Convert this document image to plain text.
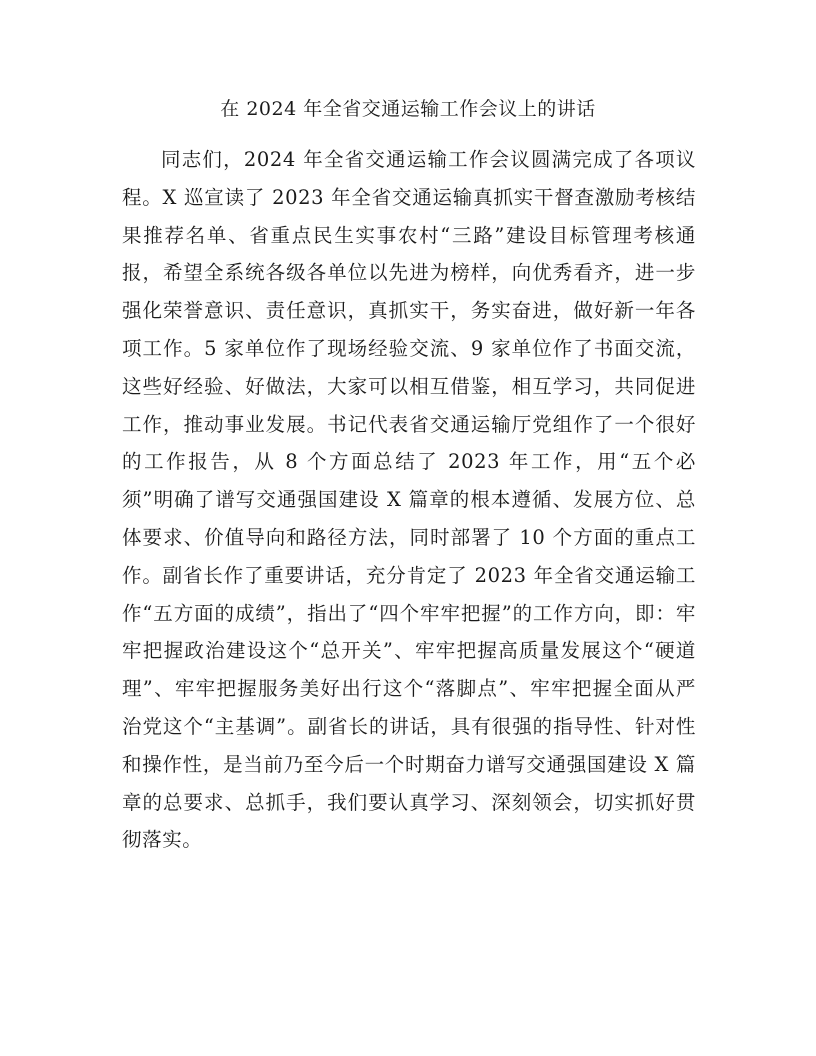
在 2024 年全省交通运输工作会议上的讲话

同志们，2024 年全省交通运输工作会议圆满完成了各项议程。X 巡宣读了 2023 年全省交通运输真抓实干督查激励考核结果推荐名单、省重点民生实事农村“三路”建设目标管理考核通报，希望全系统各级各单位以先进为榜样，向优秀看齐，进一步强化荣誉意识、责任意识，真抓实干，务实奋进，做好新一年各项工作。5 家单位作了现场经验交流、9 家单位作了书面交流，这些好经验、好做法，大家可以相互借鉴，相互学习，共同促进工作，推动事业发展。书记代表省交通运输厅党组作了一个很好的工作报告，从 8 个方面总结了 2023 年工作，用“五个必须”明确了谱写交通强国建设 X 篇章的根本遵循、发展方位、总体要求、价值导向和路径方法，同时部署了 10 个方面的重点工作。副省长作了重要讲话，充分肯定了 2023 年全省交通运输工作“五方面的成绩”，指出了“四个牢牢把握”的工作方向，即：牢牢把握政治建设这个“总开关”、牢牢把握高质量发展这个“硬道理”、牢牢把握服务美好出行这个“落脚点”、牢牢把握全面从严治党这个“主基调”。副省长的讲话，具有很强的指导性、针对性和操作性，是当前乃至今后一个时期奋力谱写交通强国建设 X 篇章的总要求、总抓手，我们要认真学习、深刻领会，切实抓好贯彻落实。
